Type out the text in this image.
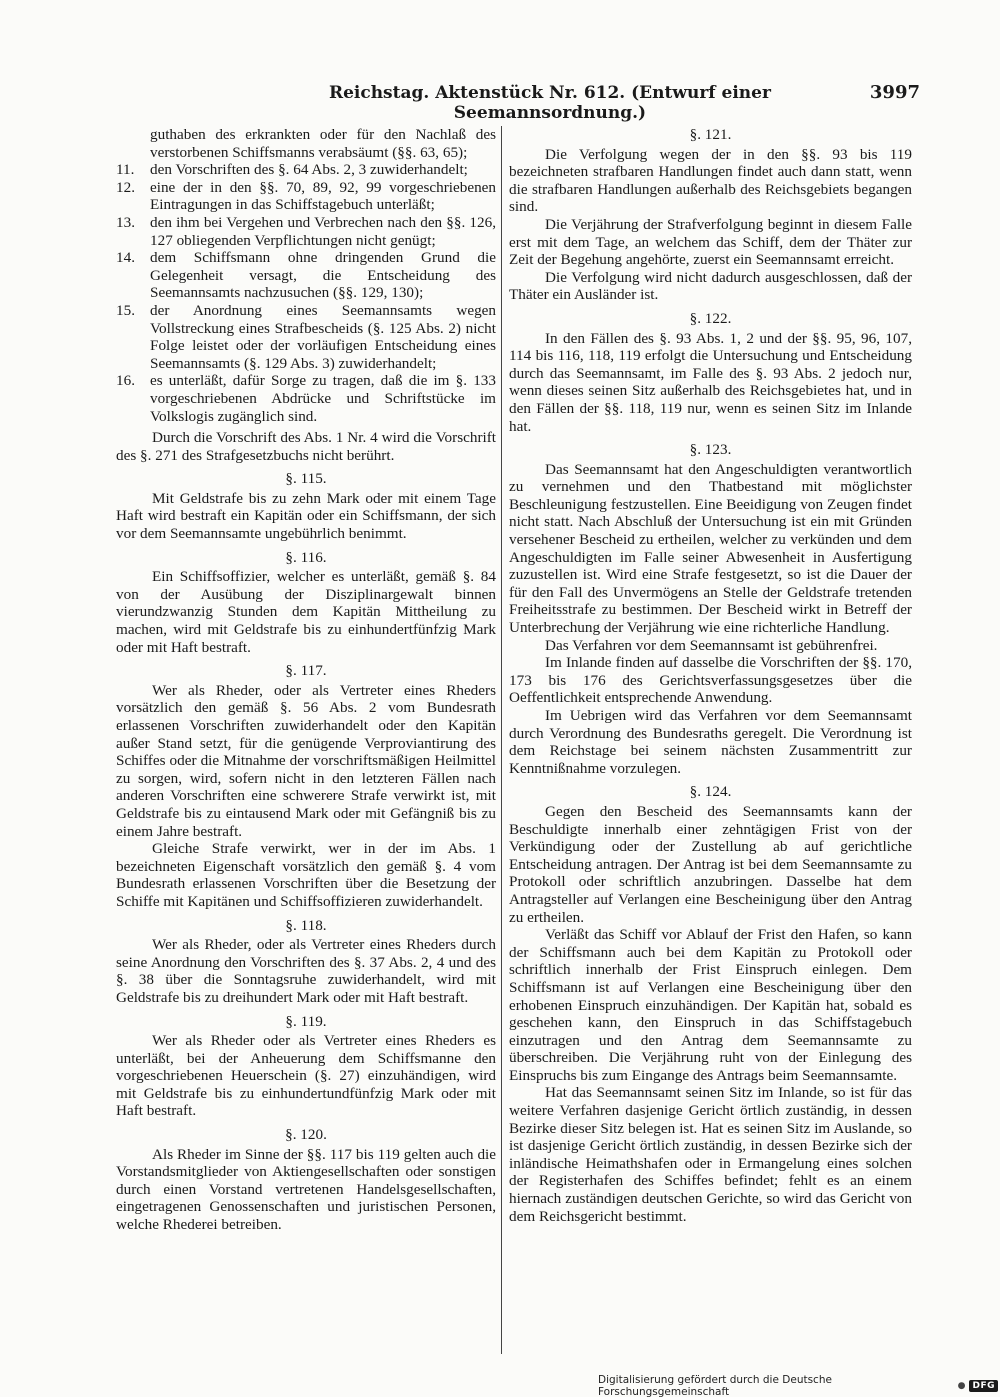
Reichstag. Aktenstück Nr. 612. (Entwurf einer Seemannsordnung.)
3997

guthaben des erkrankten oder für den Nachlaß des verstorbenen Schiffsmanns verabsäumt (§§. 63, 65);

11.	den Vorschriften des §. 64 Abs. 2, 3 zuwiderhandelt;
12. eine der in den §§. 70, 89, 92, 99 vorgeschriebenen Eintragungen in das Schiffstagebuch unterläßt;
13. den ihm bei Vergehen und Verbrechen nach den §§. 126, 127 obliegenden Verpflichtungen nicht genügt;
14. dem Schiffsmann ohne dringenden Grund die Gelegenheit versagt, die Entscheidung des Seemannsamts nachzusuchen (§§. 129, 130);
15. der Anordnung eines Seemannsamts wegen Vollstreckung eines Strafbescheids (§. 125 Abs. 2) nicht Folge leistet oder der vorläufigen Entscheidung eines Seemannsamts (§. 129 Abs. 3) zuwiderhandelt;
16. es unterläßt, dafür Sorge zu tragen, daß die im §. 133 vorgeschriebenen Abdrücke und Schriftstücke im Volkslogis zugänglich sind.

Durch die Vorschrift des Abs. 1 Nr. 4 wird die Vorschrift des §. 271 des Strafgesetzbuchs nicht berührt.

§. 115.

Mit Geldstrafe bis zu zehn Mark oder mit einem Tage Haft wird bestraft ein Kapitän oder ein Schiffsmann, der sich vor dem Seemannsamte ungebührlich benimmt.

§. 116.

Ein Schiffsoffizier, welcher es unterläßt, gemäß §. 84 von der Ausübung der Disziplinargewalt binnen vierundzwanzig Stunden dem Kapitän Mittheilung zu machen, wird mit Geldstrafe bis zu einhundertfünfzig Mark oder mit Haft bestraft.

§. 117.

Wer als Rheder, oder als Vertreter eines Rheders vorsätzlich den gemäß §. 56 Abs. 2 vom Bundesrath erlassenen Vorschriften zuwiderhandelt oder den Kapitän außer Stand setzt, für die genügende Verproviantirung des Schiffes oder die Mitnahme der vorschriftsmäßigen Heilmittel zu sorgen, wird, sofern nicht in den letzteren Fällen nach anderen Vorschriften eine schwerere Strafe verwirkt ist, mit Geldstrafe bis zu eintausend Mark oder mit Gefängniß bis zu einem Jahre bestraft.

Gleiche Strafe verwirkt, wer in der im Abs. 1 bezeichneten Eigenschaft vorsätzlich den gemäß §. 4 vom Bundesrath erlassenen Vorschriften über die Besetzung der Schiffe mit Kapitänen und Schiffsoffizieren zuwiderhandelt.

§. 118.

Wer als Rheder, oder als Vertreter eines Rheders durch seine Anordnung den Vorschriften des §. 37 Abs. 2, 4 und des §. 38 über die Sonntagsruhe zuwiderhandelt, wird mit Geldstrafe bis zu dreihundert Mark oder mit Haft bestraft.

§. 119.

Wer als Rheder oder als Vertreter eines Rheders es unterläßt, bei der Anheuerung dem Schiffsmanne den vorgeschriebenen Heuerschein (§. 27) einzuhändigen, wird mit Geldstrafe bis zu einhundertundfünfzig Mark oder mit Haft bestraft.

§. 120.

Als Rheder im Sinne der §§. 117 bis 119 gelten auch die Vorstandsmitglieder von Aktiengesellschaften oder sonstigen durch einen Vorstand vertretenen Handelsgesellschaften, eingetragenen Genossenschaften und juristischen Personen, welche Rhederei betreiben.

§. 121.

Die Verfolgung wegen der in den §§. 93 bis 119 bezeichneten strafbaren Handlungen findet auch dann statt, wenn die strafbaren Handlungen außerhalb des Reichsgebiets begangen sind.

Die Verjährung der Strafverfolgung beginnt in diesem Falle erst mit dem Tage, an welchem das Schiff, dem der Thäter zur Zeit der Begehung angehörte, zuerst ein Seemannsamt erreicht.

Die Verfolgung wird nicht dadurch ausgeschlossen, daß der Thäter ein Ausländer ist.

§. 122.

In den Fällen des §. 93 Abs. 1, 2 und der §§. 95, 96, 107, 114 bis 116, 118, 119 erfolgt die Untersuchung und Entscheidung durch das Seemannsamt, im Falle des §. 93 Abs. 2 jedoch nur, wenn dieses seinen Sitz außerhalb des Reichsgebietes hat, und in den Fällen der §§. 118, 119 nur, wenn es seinen Sitz im Inlande hat.

§. 123.

Das Seemannsamt hat den Angeschuldigten verantwortlich zu vernehmen und den Thatbestand mit möglichster Beschleunigung festzustellen. Eine Beeidigung von Zeugen findet nicht statt. Nach Abschluß der Untersuchung ist ein mit Gründen versehener Bescheid zu ertheilen, welcher zu verkünden und dem Angeschuldigten im Falle seiner Abwesenheit in Ausfertigung zuzustellen ist. Wird eine Strafe festgesetzt, so ist die Dauer der für den Fall des Unvermögens an Stelle der Geldstrafe tretenden Freiheitsstrafe zu bestimmen. Der Bescheid wirkt in Betreff der Unterbrechung der Verjährung wie eine richterliche Handlung.

Das Verfahren vor dem Seemannsamt ist gebührenfrei.

Im Inlande finden auf dasselbe die Vorschriften der §§. 170, 173 bis 176 des Gerichtsverfassungsgesetzes über die Oeffentlichkeit entsprechende Anwendung.

Im Uebrigen wird das Verfahren vor dem Seemannsamt durch Verordnung des Bundesraths geregelt. Die Verordnung ist dem Reichstage bei seinem nächsten Zusammentritt zur Kenntnißnahme vorzulegen.

§. 124.

Gegen den Bescheid des Seemannsamts kann der Beschuldigte innerhalb einer zehntägigen Frist von der Verkündigung oder der Zustellung ab auf gerichtliche Entscheidung antragen. Der Antrag ist bei dem Seemannsamte zu Protokoll oder schriftlich anzubringen. Dasselbe hat dem Antragsteller auf Verlangen eine Bescheinigung über den Antrag zu ertheilen.

Verläßt das Schiff vor Ablauf der Frist den Hafen, so kann der Schiffsmann auch bei dem Kapitän zu Protokoll oder schriftlich innerhalb der Frist Einspruch einlegen. Dem Schiffsmann ist auf Verlangen eine Bescheinigung über den erhobenen Einspruch einzuhändigen. Der Kapitän hat, sobald es geschehen kann, den Einspruch in das Schiffstagebuch einzutragen und den Antrag dem Seemannsamte zu überschreiben. Die Verjährung ruht von der Einlegung des Einspruchs bis zum Eingange des Antrags beim Seemannsamte.

Hat das Seemannsamt seinen Sitz im Inlande, so ist für das weitere Verfahren dasjenige Gericht örtlich zuständig, in dessen Bezirke dieser Sitz belegen ist. Hat es seinen Sitz im Auslande, so ist dasjenige Gericht örtlich zuständig, in dessen Bezirke sich der inländische Heimathshafen oder in Ermangelung eines solchen der Registerhafen des Schiffes befindet; fehlt es an einem hiernach zuständigen deutschen Gerichte, so wird das Gericht von dem Reichsgericht bestimmt.

Digitalisierung gefördert durch die Deutsche Forschungsgemeinschaft	● DFG
